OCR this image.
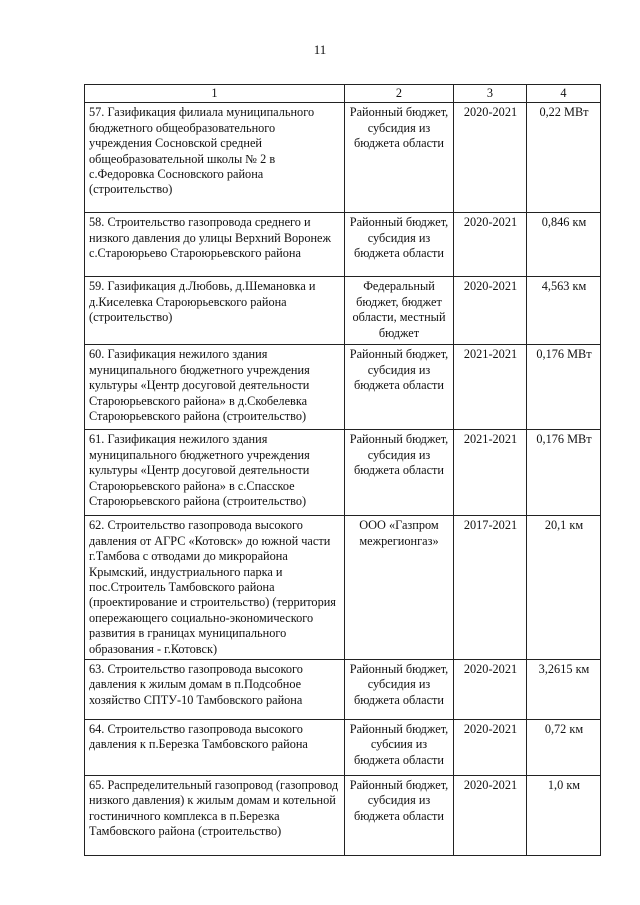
11
1	2	3	4
57. Газификация филиала муниципального бюджетного общеобразовательного учреждения Сосновской средней общеобразовательной школы № 2 в с.Федоровка Сосновского района (строительство)	Районный бюджет, субсидия из бюджета области	2020-2021	0,22 МВт
58. Строительство газопровода среднего и низкого давления до улицы Верхний Воронеж с.Староюрьево Староюрьевского района	Районный бюджет, субсидия из бюджета области	2020-2021	0,846 км
59. Газификация д.Любовь, д.Шемановка и д.Киселевка Староюрьевского района (строительство)	Федеральный бюджет, бюджет области, местный бюджет	2020-2021	4,563 км
60. Газификация нежилого здания муниципального бюджетного учреждения культуры «Центр досуговой деятельности Староюрьевского района» в д.Скобелевка Староюрьевского района (строительство)	Районный бюджет, субсидия из бюджета области	2021-2021	0,176 МВт
61. Газификация нежилого здания муниципального бюджетного учреждения культуры «Центр досуговой деятельности Староюрьевского района» в с.Спасское Староюрьевского района (строительство)	Районный бюджет, субсидия из бюджета области	2021-2021	0,176 МВт
62. Строительство газопровода высокого давления от АГРС «Котовск» до южной части г.Тамбова с отводами до микрорайона Крымский, индустриального парка и пос.Строитель Тамбовского района (проектирование и строительство) (территория опережающего социально-экономического развития в границах муниципального образования - г.Котовск)	ООО «Газпром межрегионгаз»	2017-2021	20,1 км
63. Строительство газопровода высокого давления к жилым домам в п.Подсобное хозяйство СПТУ-10 Тамбовского района	Районный бюджет, субсидия из бюджета области	2020-2021	3,2615 км
64. Строительство газопровода высокого давления к п.Березка Тамбовского района	Районный бюджет, субсиия из бюджета области	2020-2021	0,72 км
65. Распределительный газопровод (газопровод низкого давления) к жилым домам и котельной гостиничного комплекса в п.Березка Тамбовского района (строительство)	Районный бюджет, субсидия из бюджета области	2020-2021	1,0 км
